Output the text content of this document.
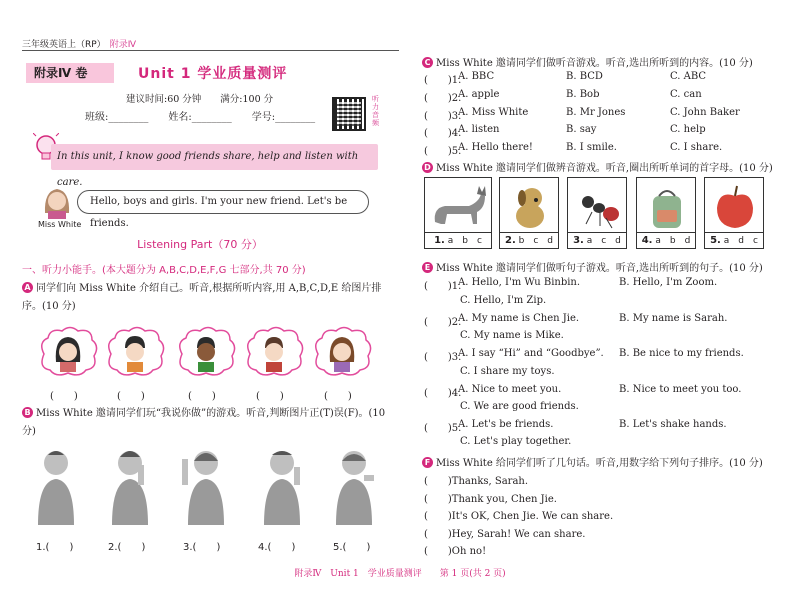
三年级英语上（RP） 附录Ⅳ
附录Ⅳ 卷	Unit 1 学业质量测评
建议时间:60 分钟　　满分:100 分
班级:________　　姓名:________　　学号:________
听力音频
In this unit, I know good friends share, help and listen with care.
Miss White
Hello, boys and girls. I'm your new friend. Let's be friends.
Listening Part（70 分）
一、听力小能手。(本大题分为 A,B,C,D,E,F,G 七部分,共 70 分)
A 同学们向 Miss White 介绍自己。听音,根据所听内容,用 A,B,C,D,E 给图片排序。(10 分)
(　　)	(　　)	(　　)	(　　)	(　　)
B Miss White 邀请同学们玩“我说你做”的游戏。听音,判断图片正(T)误(F)。(10 分)
1.(　　)	2.(　　)	3.(　　)	4.(　　)	5.(　　)
C Miss White 邀请同学们做听音游戏。听音,选出所听到的内容。(10 分)
(　　)1.
A. BBC	B. BCD	C. ABC
(　　)2.
A. apple	B. Bob	C. can
(　　)3.
A. Miss White	B. Mr Jones	C. John Baker
(　　)4.
A. listen	B. say	C. help
(　　)5.
A. Hello there!	B. I smile.	C. I share.
D Miss White 邀请同学们做辨音游戏。听音,圈出所听单词的首字母。(10 分)
1. a　b　c	2. b　c　d	3. a　c　d	4. a　b　d	5. a　d　c
E Miss White 邀请同学们做听句子游戏。听音,选出所听到的句子。(10 分)
(　　)1.
A. Hello, I'm Wu Binbin.	B. Hello, I'm Zoom.
C. Hello, I'm Zip.
(　　)2.
A. My name is Chen Jie.	B. My name is Sarah.
C. My name is Mike.
(　　)3.
A. I say “Hi” and “Goodbye”. B. Be nice to my friends.
C. I share my toys.
(　　)4.
A. Nice to meet you.	B. Nice to meet you too.
C. We are good friends.
(　　)5.
A. Let's be friends.	B. Let's shake hands.
C. Let's play together.
F Miss White 给同学们听了几句话。听音,用数字给下列句子排序。(10 分)
(　　)Thanks, Sarah.
(　　)Thank you, Chen Jie.
(　　)It's OK, Chen Jie. We can share.
(　　)Hey, Sarah! We can share.
(　　)Oh no!
附录Ⅳ　Unit 1　学业质量测评　　第 1 页(共 2 页)
